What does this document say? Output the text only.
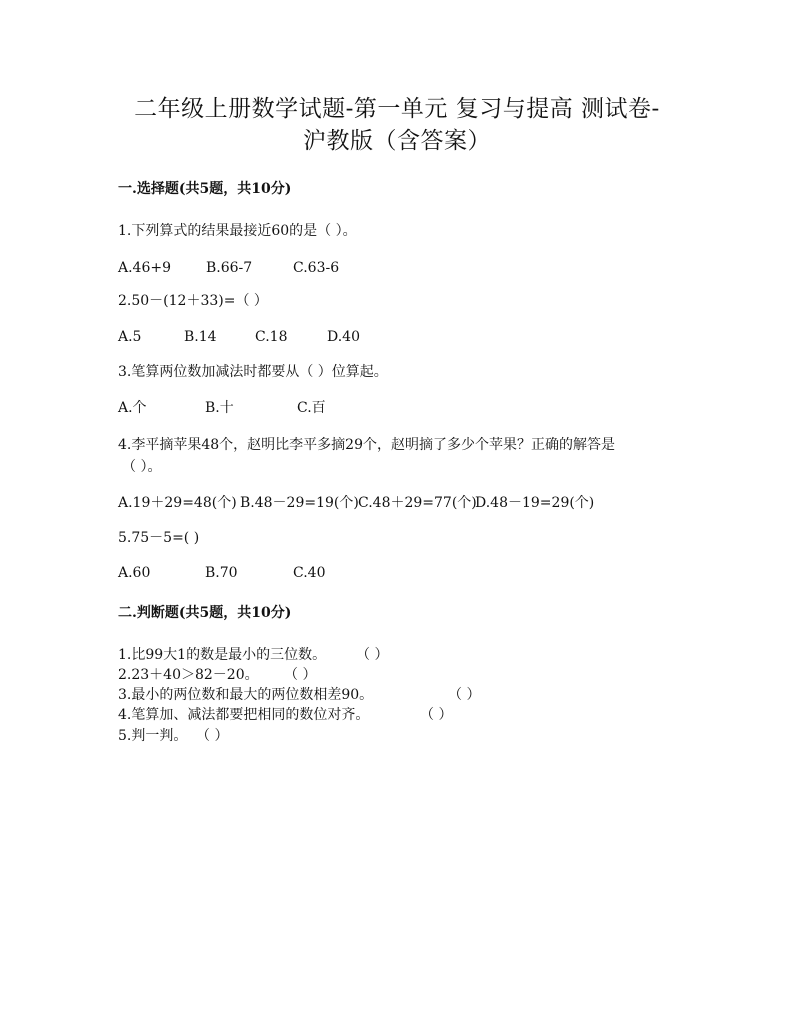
二年级上册数学试题-第一单元 复习与提高 测试卷-
沪教版（含答案）
一.选择题(共5题，共10分)
1.下列算式的结果最接近60的是（ ）。
A.46+9 B.66-7	C.63-6
2.50－(12＋33)=（ ）
A.5	B.14	C.18	D.40
3.笔算两位数加减法时都要从（ ）位算起。
A.个	B.十	C.百
4.李平摘苹果48个，赵明比李平多摘29个，赵明摘了多少个苹果？正确的解答是
（ ）。
A.19＋29=48(个) B.48－29=19(个) C.48＋29=77(个)
D.48－19=29(个)
5.75－5=( )
A.60	B.70	C.40
二.判断题(共5题，共10分)
1.比99大1的数是最小的三位数。 （ ）
2.23＋40＞82－20。 （ ）
3.最小的两位数和最大的两位数相差90。	（ ）
4.笔算加、减法都要把相同的数位对齐。	（ ）
5.判一判。 （ ）
